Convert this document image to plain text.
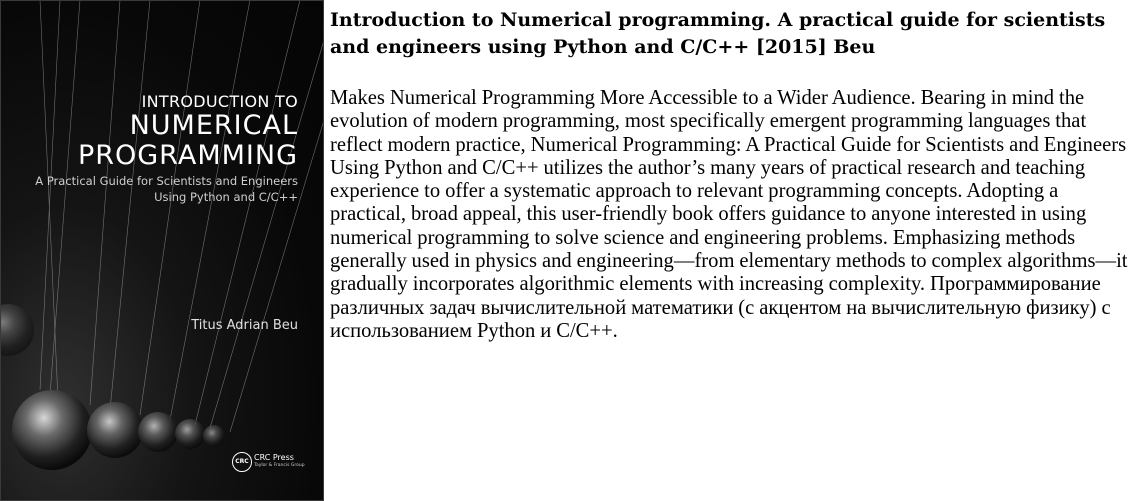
INTRODUCTION TO
NUMERICAL
PROGRAMMING
A Practical Guide for Scientists and Engineers
Using Python and C/C++
Titus Adrian Beu
CRC CRC Press
Taylor & Francis Group
Introduction to Numerical programming. A practical guide for scientists and engineers using Python and C/C++ [2015] Beu
Makes Numerical Programming More Accessible to a Wider Audience. Bearing in mind the evolution of modern programming, most specifically emergent programming languages that reflect modern practice, Numerical Programming: A Practical Guide for Scientists and Engineers Using Python and C/C++ utilizes the author’s many years of practical research and teaching experience to offer a systematic approach to relevant programming concepts. Adopting a practical, broad appeal, this user-friendly book offers guidance to anyone interested in using numerical programming to solve science and engineering problems. Emphasizing methods generally used in physics and engineering—from elementary methods to complex algorithms—it gradually incorporates algorithmic elements with increasing complexity. Программирование различных задач вычислительной математики (с акцентом на вычислительную физику) с использованием Python и C/C++.
